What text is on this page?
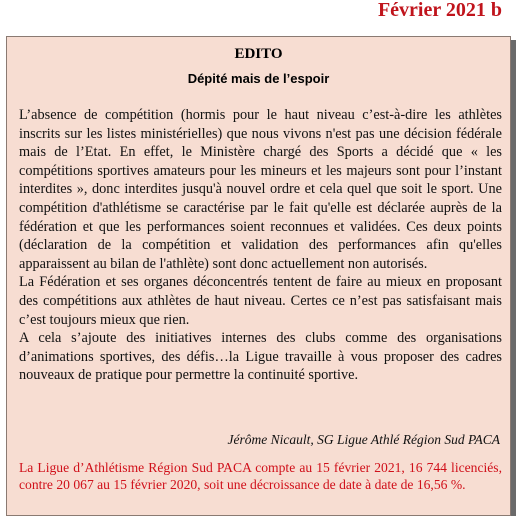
Février 2021 b
EDITO
Dépité mais de l’espoir

L’absence de compétition (hormis pour le haut niveau c’est-à-dire les athlètes inscrits sur les listes ministérielles) que nous vivons n'est pas une décision fédérale mais de l’Etat. En effet, le Ministère chargé des Sports a décidé que « les compétitions sportives amateurs pour les mineurs et les majeurs sont pour l’instant interdites », donc interdites jusqu'à nouvel ordre et cela quel que soit le sport. Une compétition d'athlétisme se caractérise par le fait qu'elle est déclarée auprès de la fédération et que les performances soient reconnues et validées. Ces deux points (déclaration de la compétition et validation des performances afin qu'elles apparaissent au bilan de l'athlète) sont donc actuellement non autorisés.

La Fédération et ses organes déconcentrés tentent de faire au mieux en proposant des compétitions aux athlètes de haut niveau. Certes ce n’est pas satisfaisant mais c’est toujours mieux que rien.

A cela s’ajoute des initiatives internes des clubs comme des organisations d’animations sportives, des défis…la Ligue travaille à vous proposer des cadres nouveaux de pratique pour permettre la continuité sportive.

Jérôme Nicault, SG Ligue Athlé Région Sud PACA

La Ligue d’Athlétisme Région Sud PACA compte au 15 février 2021, 16 744 licenciés, contre 20 067 au 15 février 2020, soit une décroissance de date à date de 16,56 %.
